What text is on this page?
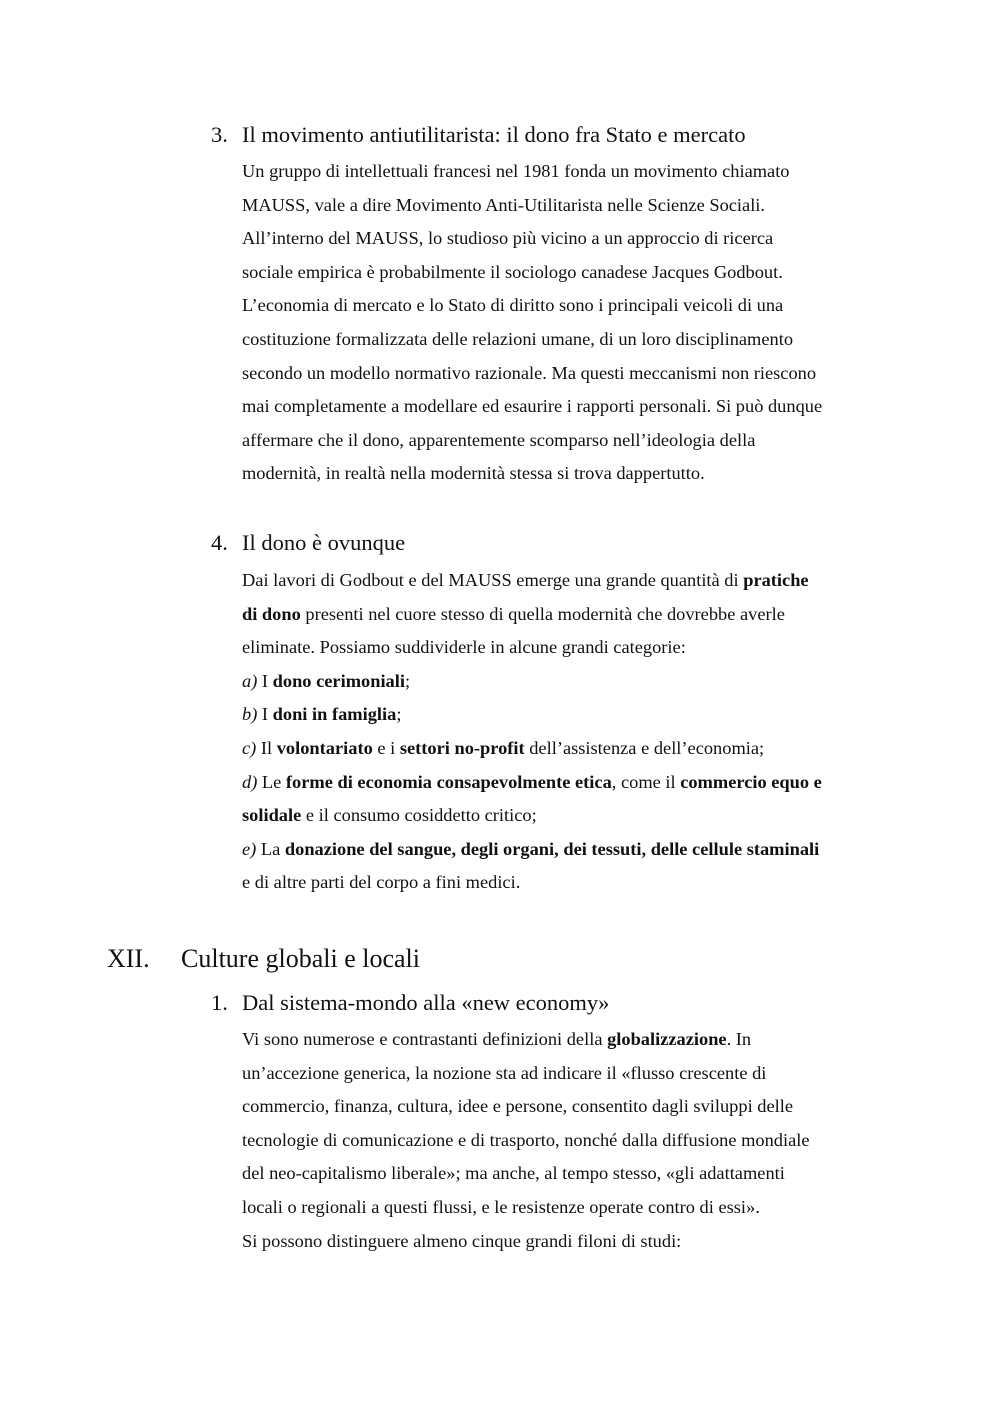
3. Il movimento antiutilitarista: il dono fra Stato e mercato
Un gruppo di intellettuali francesi nel 1981 fonda un movimento chiamato
MAUSS, vale a dire Movimento Anti-Utilitarista nelle Scienze Sociali.
All’interno del MAUSS, lo studioso più vicino a un approccio di ricerca
sociale empirica è probabilmente il sociologo canadese Jacques Godbout.
L’economia di mercato e lo Stato di diritto sono i principali veicoli di una
costituzione formalizzata delle relazioni umane, di un loro disciplinamento
secondo un modello normativo razionale. Ma questi meccanismi non riescono
mai completamente a modellare ed esaurire i rapporti personali. Si può dunque
affermare che il dono, apparentemente scomparso nell’ideologia della
modernità, in realtà nella modernità stessa si trova dappertutto.
4. Il dono è ovunque
Dai lavori di Godbout e del MAUSS emerge una grande quantità di pratiche
di dono presenti nel cuore stesso di quella modernità che dovrebbe averle
eliminate. Possiamo suddividerle in alcune grandi categorie:
a) I dono cerimoniali;
b) I doni in famiglia;
c) Il volontariato e i settori no-profit dell’assistenza e dell’economia;
d) Le forme di economia consapevolmente etica, come il commercio equo e
solidale e il consumo cosiddetto critico;
e) La donazione del sangue, degli organi, dei tessuti, delle cellule staminali
e di altre parti del corpo a fini medici.
XII. Culture globali e locali
1. Dal sistema-mondo alla «new economy»
Vi sono numerose e contrastanti definizioni della globalizzazione. In
un’accezione generica, la nozione sta ad indicare il «flusso crescente di
commercio, finanza, cultura, idee e persone, consentito dagli sviluppi delle
tecnologie di comunicazione e di trasporto, nonché dalla diffusione mondiale
del neo-capitalismo liberale»; ma anche, al tempo stesso, «gli adattamenti
locali o regionali a questi flussi, e le resistenze operate contro di essi».
Si possono distinguere almeno cinque grandi filoni di studi:
